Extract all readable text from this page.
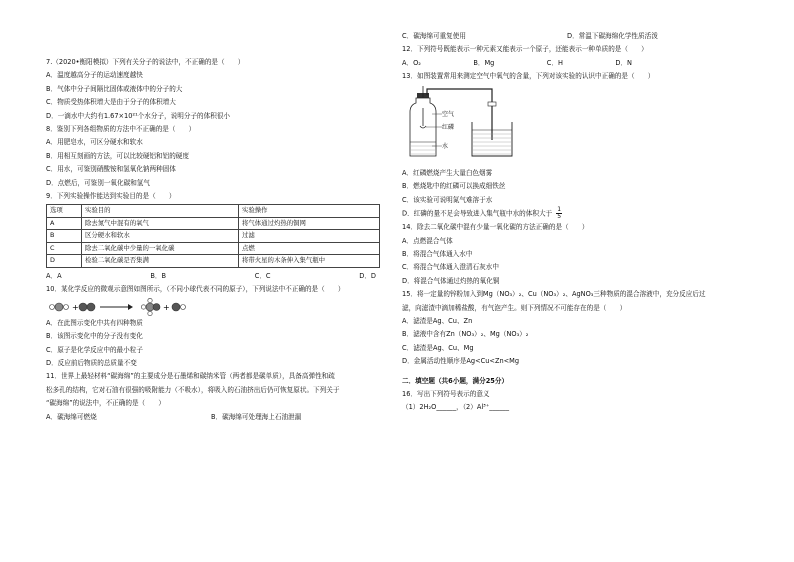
7.（2020•衡阳模拟）下列有关分子的说法中，不正确的是（　　）
A．温度越高分子的运动速度越快
B．气体中分子间隔比固体或液体中的分子的大
C．物质受热体积增大是由于分子的体积增大
D．一滴水中大约有1.67×10²¹个水分子，说明分子的体积很小
8．鉴别下列各组物质的方法中不正确的是（　　）
A．用肥皂水，可区分硬水和软水
B．用相互刻画的方法，可以比较硬铝和铝的硬度
C．用水，可鉴别硝酸铵和氢氧化钠两种固体
D．点燃后，可鉴别一氧化碳和氢气
9．下列实验操作能达到实验目的是（　　）
选项	实验目的	实验操作
A	除去氮气中混有的氧气	将气体通过灼热的铜网
B	区分硬水和软水	过滤
C	除去二氧化碳中少量的一氧化碳	点燃
D	检验二氧化碳是否集满	将带火星的木条伸入集气瓶中
A．A	B．B	C．C	D．D
10．某化学反应的微观示意图如图所示，（不同小球代表不同的原子），下列说法中不正确的是（　　）
+	+
A．在此图示变化中共有四种物质
B．该图示变化中的分子没有变化
C．原子是化学反应中的最小粒子
D．反应前后物质的总质量不变
11．世界上最轻材料“碳海绵”的主要成分是石墨烯和碳纳米管（两者都是碳单质），具备高弹性和疏
松多孔的结构，它对石油有很强的吸附能力（不吸水），将吸入的石油挤出后仍可恢复原状。下列关于
“碳海绵”的说法中，不正确的是（　　）
A．碳海绵可燃烧	B．碳海绵可处理海上石油泄漏
C．碳海绵可重复使用	D．常温下碳海绵化学性质活泼
12．下列符号既能表示一种元素又能表示一个原子，还能表示一种单质的是（　　）
A．O₂	B．Mg	C．H	D．N
13．如图装置常用来测定空气中氧气的含量，下列对该实验的认识中正确的是（　　）
空气
红磷
水
A．红磷燃烧产生大量白色烟雾
B．燃烧匙中的红磷可以换成细铁丝
C．该实验可说明氮气难溶于水
D．红磷的量不足会导致进入集气瓶中水的体积大于 $\frac{1}{5}$
14．除去二氧化碳中混有少量一氧化碳的方法正确的是（　　）
A．点燃混合气体
B．将混合气体通入水中
C．将混合气体通入澄清石灰水中
D．将混合气体通过灼热的氧化铜
15．将一定量的锌粉加入到Mg（NO₃）₂、Cu（NO₃）₂、AgNO₃三种物质的混合溶液中，充分反应后过
滤，向滤渣中滴加稀盐酸，有气泡产生。则下列情况不可能存在的是（　　）
A．滤渣是Ag、Cu、Zn
B．滤液中含有Zn（NO₃）₂、Mg（NO₃）₂
C．滤渣是Ag、Cu、Mg
D．金属活动性顺序是Ag<Cu<Zn<Mg
二．填空题（共6小题，满分25分）
16．写出下列符号表示的意义
（1）2H₂O______，（2）Al³⁺______
